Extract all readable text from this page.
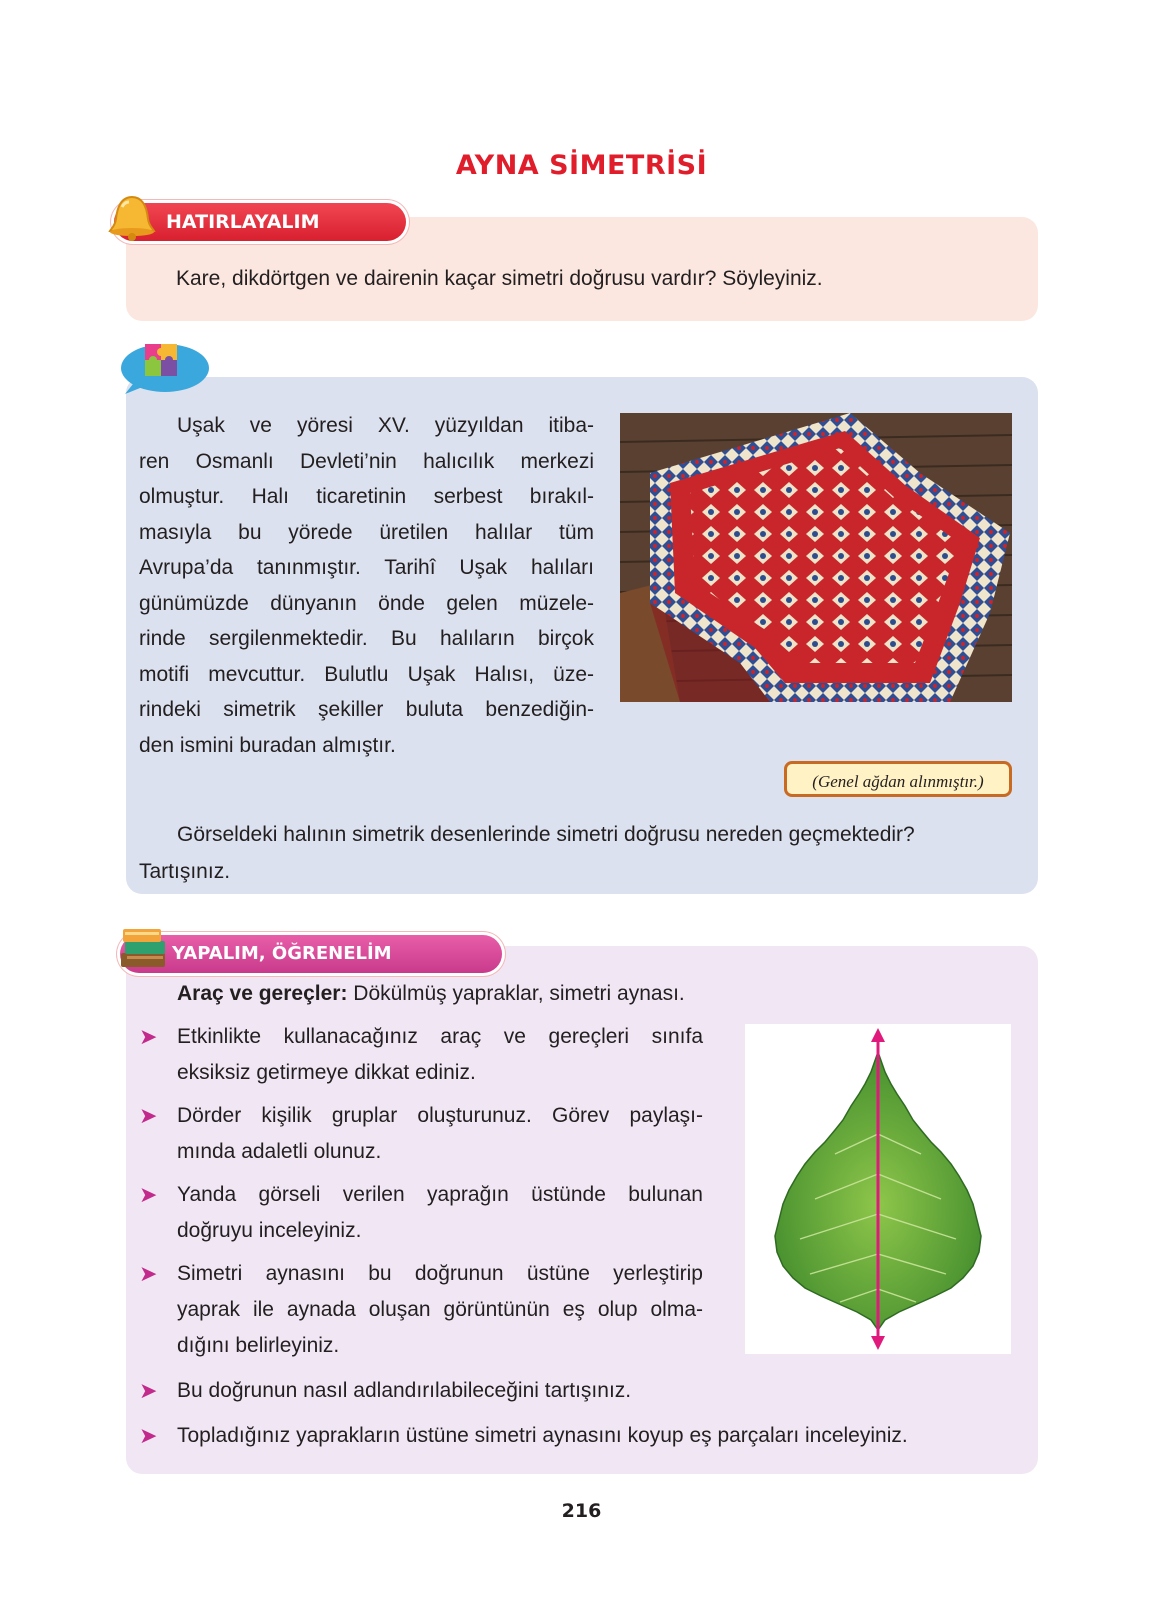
AYNA SİMETRİSİ

Kare, dikdörtgen ve dairenin kaçar simetri doğrusu vardır? Söyleyiniz.

HATIRLAYALIM
Uşak ve yöresi XV. yüzyıldan itiba-
ren Osmanlı Devleti’nin halıcılık merkezi
olmuştur. Halı ticaretinin serbest bırakıl-
masıyla bu yörede üretilen halılar tüm
Avrupa’da tanınmıştır. Tarihî Uşak halıları
günümüzde dünyanın önde gelen müzele-
rinde sergilenmektedir. Bu halıların birçok
motifi mevcuttur. Bulutlu Uşak Halısı, üze-
rindeki simetrik şekiller buluta benzediğin-
den ismini buradan almıştır.
(Genel ağdan alınmıştır.)
Görseldeki halının simetrik desenlerinde simetri doğrusu nereden geçmektedir?
Tartışınız.
YAPALIM, ÖĞRENELİM
Araç ve gereçler: Dökülmüş yapraklar, simetri aynası.
➤ Etkinlikte kullanacağınız araç ve gereçleri sınıfa
eksiksiz getirmeye dikkat ediniz.
➤ Dörder kişilik gruplar oluşturunuz. Görev paylaşı-
mında adaletli olunuz.
➤ Yanda görseli verilen yaprağın üstünde bulunan
doğruyu inceleyiniz.
➤ Simetri aynasını bu doğrunun üstüne yerleştirip
yaprak ile aynada oluşan görüntünün eş olup olma-
dığını belirleyiniz.
➤ Bu doğrunun nasıl adlandırılabileceğini tartışınız.
➤ Topladığınız yaprakların üstüne simetri aynasını koyup eş parçaları inceleyiniz.
216
